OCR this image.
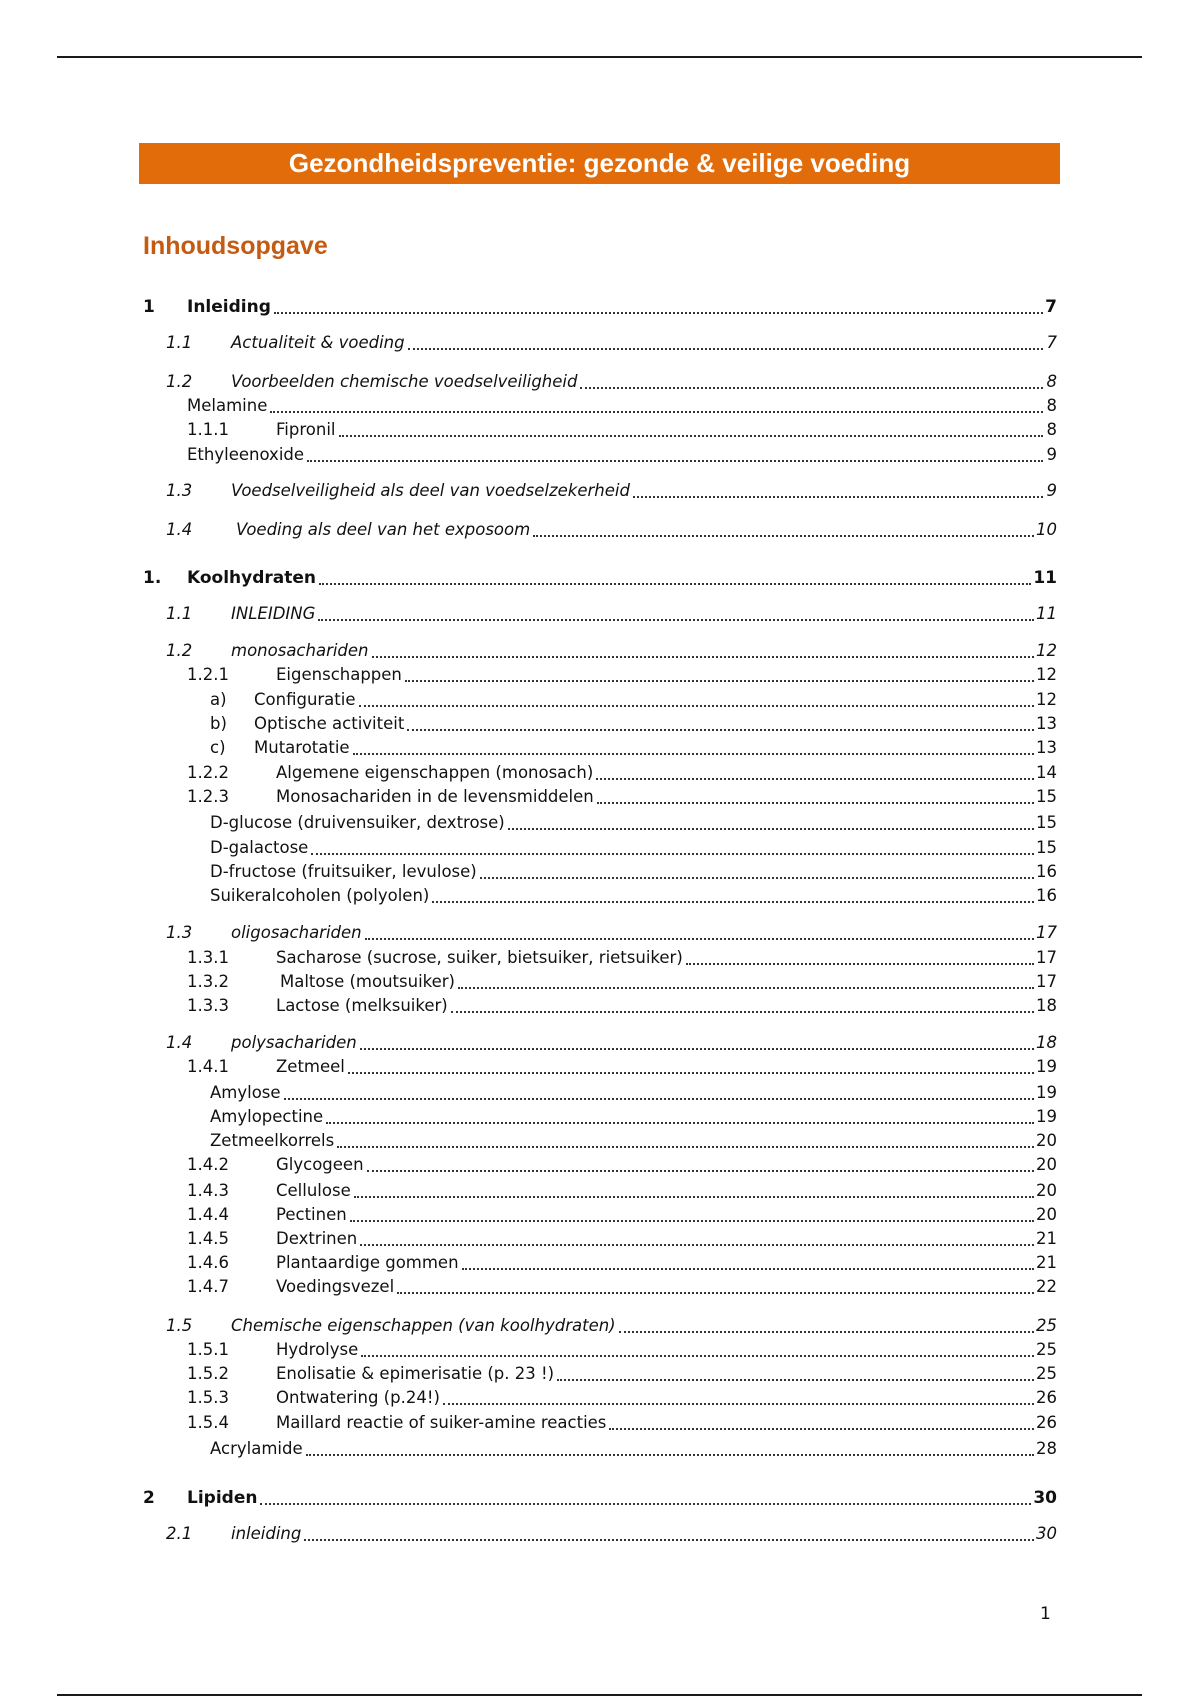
Gezondheidspreventie: gezonde & veilige voeding
Inhoudsopgave
1	Inleiding	7
1.1	Actualiteit & voeding	7
1.2	Voorbeelden chemische voedselveiligheid	8
Melamine	8
1.1.1	Fipronil	8
Ethyleenoxide	9
1.3	Voedselveiligheid als deel van voedselzekerheid	9
1.4	Voeding als deel van het exposoom	10
1.	Koolhydraten	11
1.1	INLEIDING	11
1.2	monosachariden	12
1.2.1	Eigenschappen	12
a)	Configuratie	12
b)	Optische activiteit	13
c)	Mutarotatie	13
1.2.2	Algemene eigenschappen (monosach)	14
1.2.3	Monosachariden in de levensmiddelen	15
D-glucose (druivensuiker, dextrose)	15
D-galactose	15
D-fructose (fruitsuiker, levulose)	16
Suikeralcoholen (polyolen)	16
1.3	oligosachariden	17
1.3.1	Sacharose (sucrose, suiker, bietsuiker, rietsuiker)	17
1.3.2	Maltose (moutsuiker)	17
1.3.3	Lactose (melksuiker)	18
1.4	polysachariden	18
1.4.1	Zetmeel	19
Amylose	19
Amylopectine	19
Zetmeelkorrels	20
1.4.2	Glycogeen	20
1.4.3	Cellulose	20
1.4.4	Pectinen	20
1.4.5	Dextrinen	21
1.4.6	Plantaardige gommen	21
1.4.7	Voedingsvezel	22
1.5	Chemische eigenschappen (van koolhydraten)	25
1.5.1	Hydrolyse	25
1.5.2	Enolisatie & epimerisatie (p. 23 !)	25
1.5.3	Ontwatering (p.24!)	26
1.5.4	Maillard reactie of suiker-amine reacties	26
Acrylamide	28
2	Lipiden	30
2.1	inleiding	30
1
